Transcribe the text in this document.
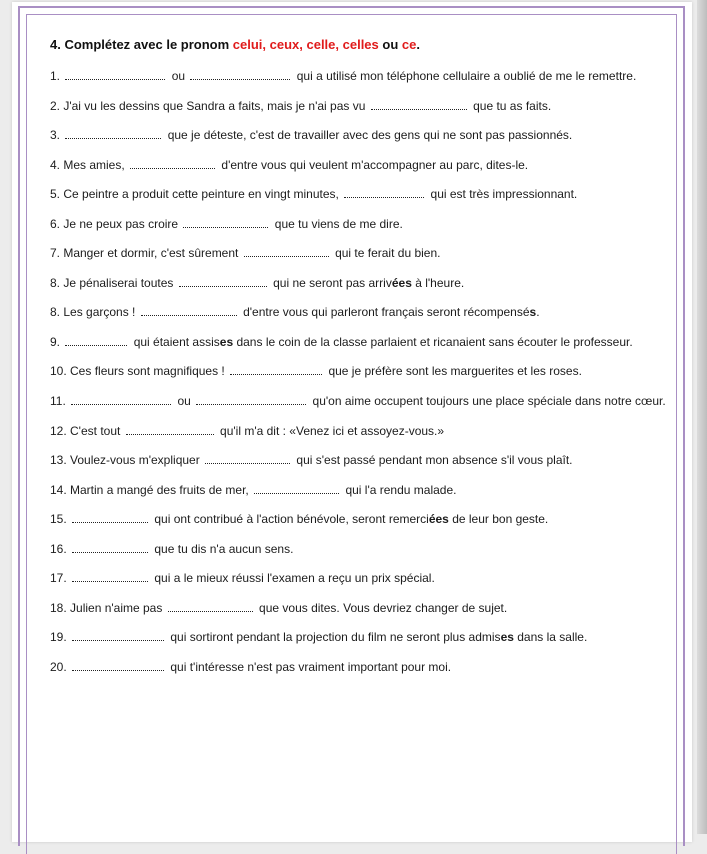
4. Complétez avec le pronom celui, ceux, celle, celles ou ce.
1.	ou	qui a utilisé mon téléphone cellulaire a oublié de me le remettre.
2. J'ai vu les dessins que Sandra a faits, mais je n'ai pas vu	que tu as faits.
3.	que je déteste, c'est de travailler avec des gens qui ne sont pas passionnés.
4. Mes amies,	d'entre vous qui veulent m'accompagner au parc, dites-le.
5. Ce peintre a produit cette peinture en vingt minutes,	qui est très impressionnant.
6. Je ne peux pas croire	que tu viens de me dire.
7. Manger et dormir, c'est sûrement	qui te ferait du bien.
8. Je pénaliserai toutes	qui ne seront pas arrivées à l'heure.
8. Les garçons !	d'entre vous qui parleront français seront récompensés.
9.	qui étaient assises dans le coin de la classe parlaient et ricanaient sans écouter le professeur.
10. Ces fleurs sont magnifiques !	que je préfère sont les marguerites et les roses.
11.	ou	qu'on aime occupent toujours une place spéciale dans notre cœur.
12. C'est tout	qu'il m'a dit : «Venez ici et assoyez-vous.»
13. Voulez-vous m'expliquer	qui s'est passé pendant mon absence s'il vous plaît.
14. Martin a mangé des fruits de mer,	qui l'a rendu malade.
15.	qui ont contribué à l'action bénévole, seront remerciées de leur bon geste.
16.	que tu dis n'a aucun sens.
17.	qui a le mieux réussi l'examen a reçu un prix spécial.
18. Julien n'aime pas	que vous dites. Vous devriez changer de sujet.
19.	qui sortiront pendant la projection du film ne seront plus admises dans la salle.
20.	qui t'intéresse n'est pas vraiment important pour moi.
